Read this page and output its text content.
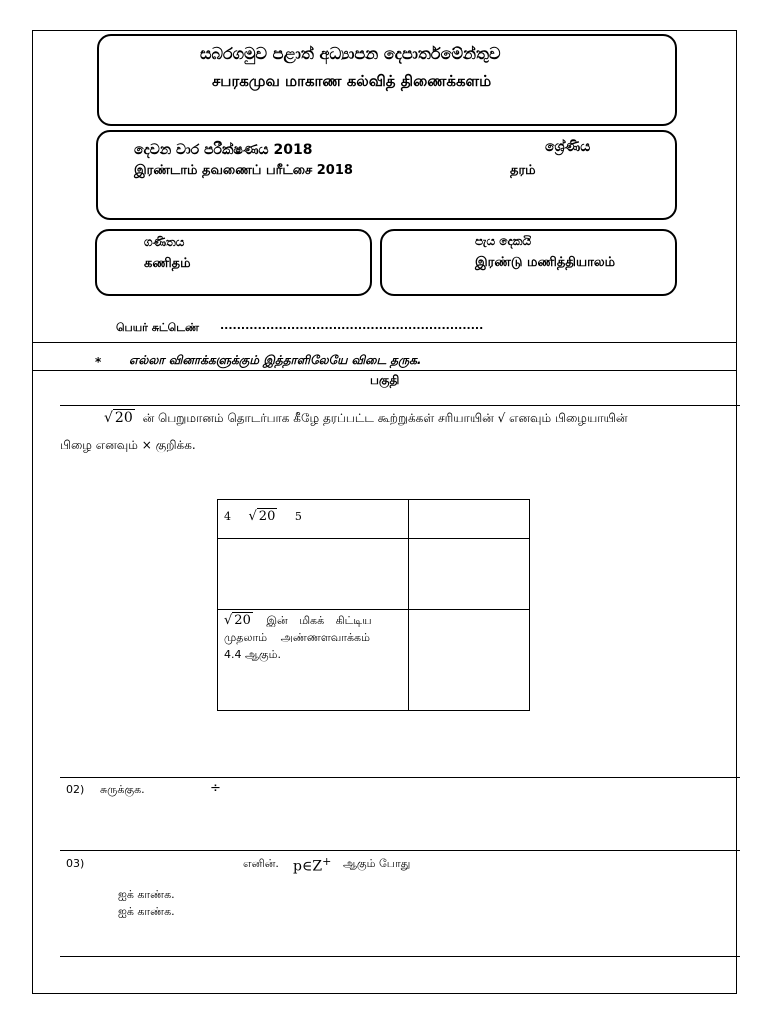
සබරගමුව පළාත් අධ්‍යාපන දෙපාර්තමේන්තුව
சபரகமுவ மாகாண கல்வித் திணைக்களம்
දෙවන වාර පරීක්ෂණය 2018
இரண்டாம் தவணைப் பரீட்சை 2018
ශ්‍රේණිය
தரம்
ගණිතය
கணிதம்
පැය දෙකයි
இரண்டு மணித்தியாலம்
பெயர் சுட்டெண் ...............................................................
* எல்லா வினாக்களுக்கும் இத்தாளிலேயே விடை தருக.
பகுதி
√ 20 ன் பெறுமானம் தொடர்பாக கீழே தரப்பட்ட கூற்றுக்கள் சரியாயின் √ எனவும் பிழையாயின்
பிழை எனவும் × குறிக்க.
4 √ 20 5	

√ 20 இன் மிகக் கிட்டிய
முதலாம் அண்ணளவாக்கம்
4.4 ஆகும்.	

02) சுருக்குக.	÷
03)	எனின். p∈Z+ ஆகும் போது
ஐக் காண்க.
ஐக் காண்க.
